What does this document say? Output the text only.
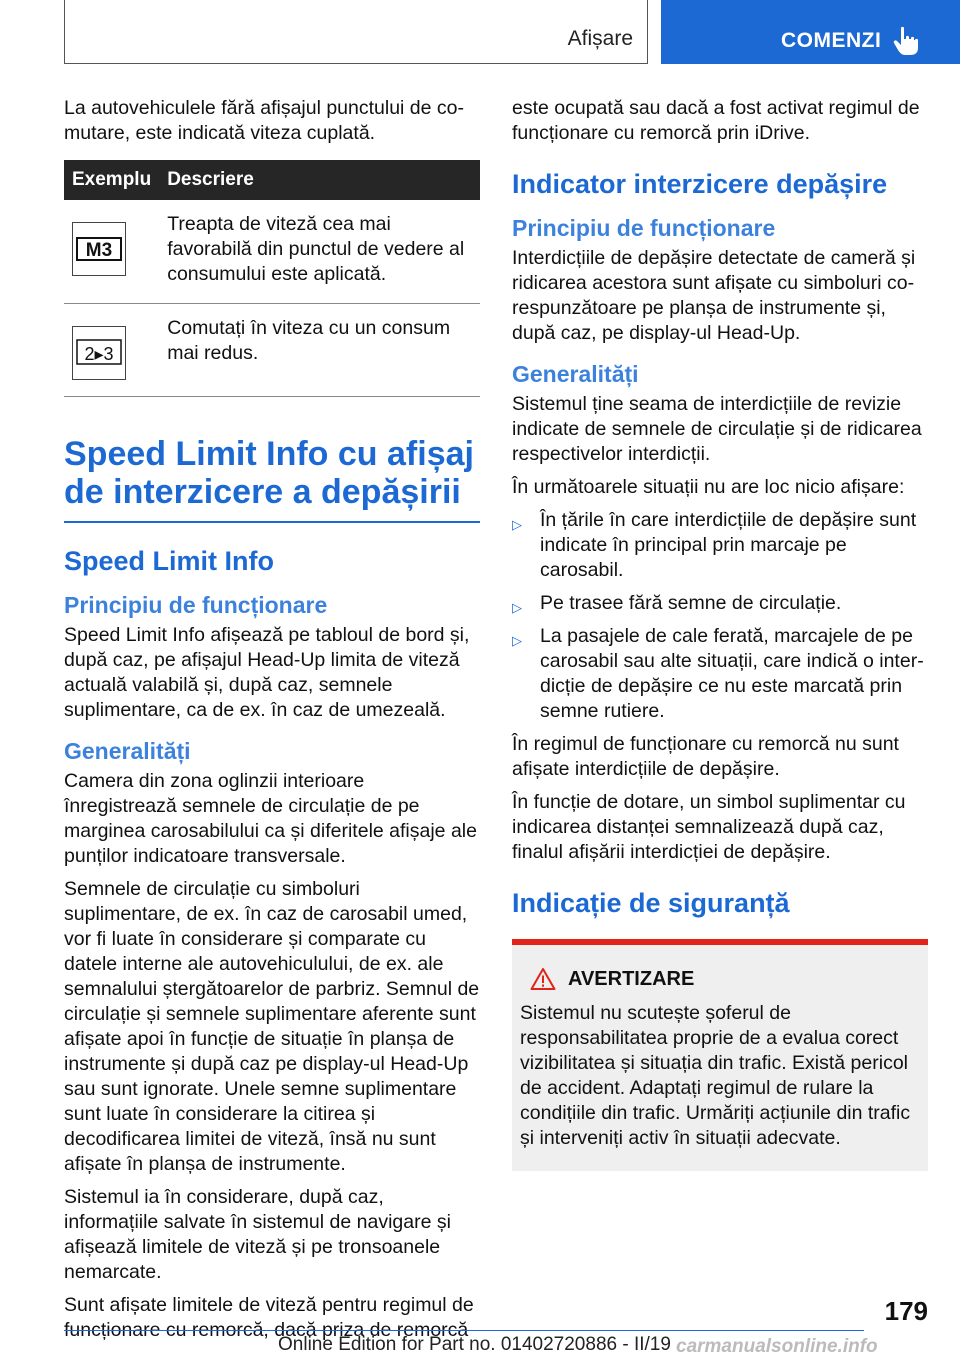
Afișare	COMENZI

La autovehiculele fără afișajul punctului de comutare, este indicată viteza cuplată.

Exemplu	Descriere

M3	Treapta de viteză cea mai favorabilă din punctul de vedere al consumului este aplicată.

2▸3	Comutați în viteza cu un consum mai redus.
Speed Limit Info cu afișaj de interzicere a depășirii
Speed Limit Info
Principiu de funcționare

Speed Limit Info afișează pe tabloul de bord și, după caz, pe afișajul Head-Up limita de viteză actuală valabilă și, după caz, semnele suplimentare, ca de ex. în caz de umezeală.

Generalități

Camera din zona oglinzii interioare înregistrează semnele de circulație de pe marginea carosabilului ca și diferitele afișaje ale punților indicatoare transversale.

Semnele de circulație cu simboluri suplimentare, de ex. în caz de carosabil umed, vor fi luate în considerare și comparate cu datele interne ale autovehiculului, de ex. ale semnalului ștergătoarelor de parbriz. Semnul de circulație și semnele suplimentare aferente sunt afișate apoi în funcție de situație în planșa de instrumente și după caz pe display-ul Head-Up sau sunt ignorate. Unele semne suplimentare sunt luate în considerare la citirea și decodificarea limitei de viteză, însă nu sunt afișate în planșa de instrumente.

Sistemul ia în considerare, după caz, informațiile salvate în sistemul de navigare și afișează limitele de viteză și pe tronsoanele nemarcate.

Sunt afișate limitele de viteză pentru regimul de funcționare cu remorcă, dacă priza de remorcă

este ocupată sau dacă a fost activat regimul de funcționare cu remorcă prin iDrive.

Indicator interzicere depășire
Principiu de funcționare

Interdicțiile de depășire detectate de cameră și ridicarea acestora sunt afișate cu simboluri corespunzătoare pe planșa de instrumente și, după caz, pe display-ul Head-Up.

Generalități

Sistemul ține seama de interdicțiile de revizie indicate de semnele de circulație și de ridicarea respectivelor interdicții.

În următoarele situații nu are loc nicio afișare:

▷ În țările în care interdicțiile de depășire sunt indicate în principal prin marcaje pe carosabil.
▷ Pe trasee fără semne de circulație.
▷ La pasajele de cale ferată, marcajele de pe carosabil sau alte situații, care indică o interdicție de depășire ce nu este marcată prin semne rutiere.

În regimul de funcționare cu remorcă nu sunt afișate interdicțiile de depășire.

În funcție de dotare, un simbol suplimentar cu indicarea distanței semnalizează după caz, finalul afișării interdicției de depășire.

Indicație de siguranță
AVERTIZARE

Sistemul nu scutește șoferul de responsabilitatea proprie de a evalua corect vizibilitatea și situația din trafic. Există pericol de accident. Adaptați regimul de rulare la condițiile din trafic. Urmăriți acțiunile din trafic și interveniți activ în situații adecvate.

179
Online Edition for Part no. 01402720886 - II/19 carmanualsonline.info
